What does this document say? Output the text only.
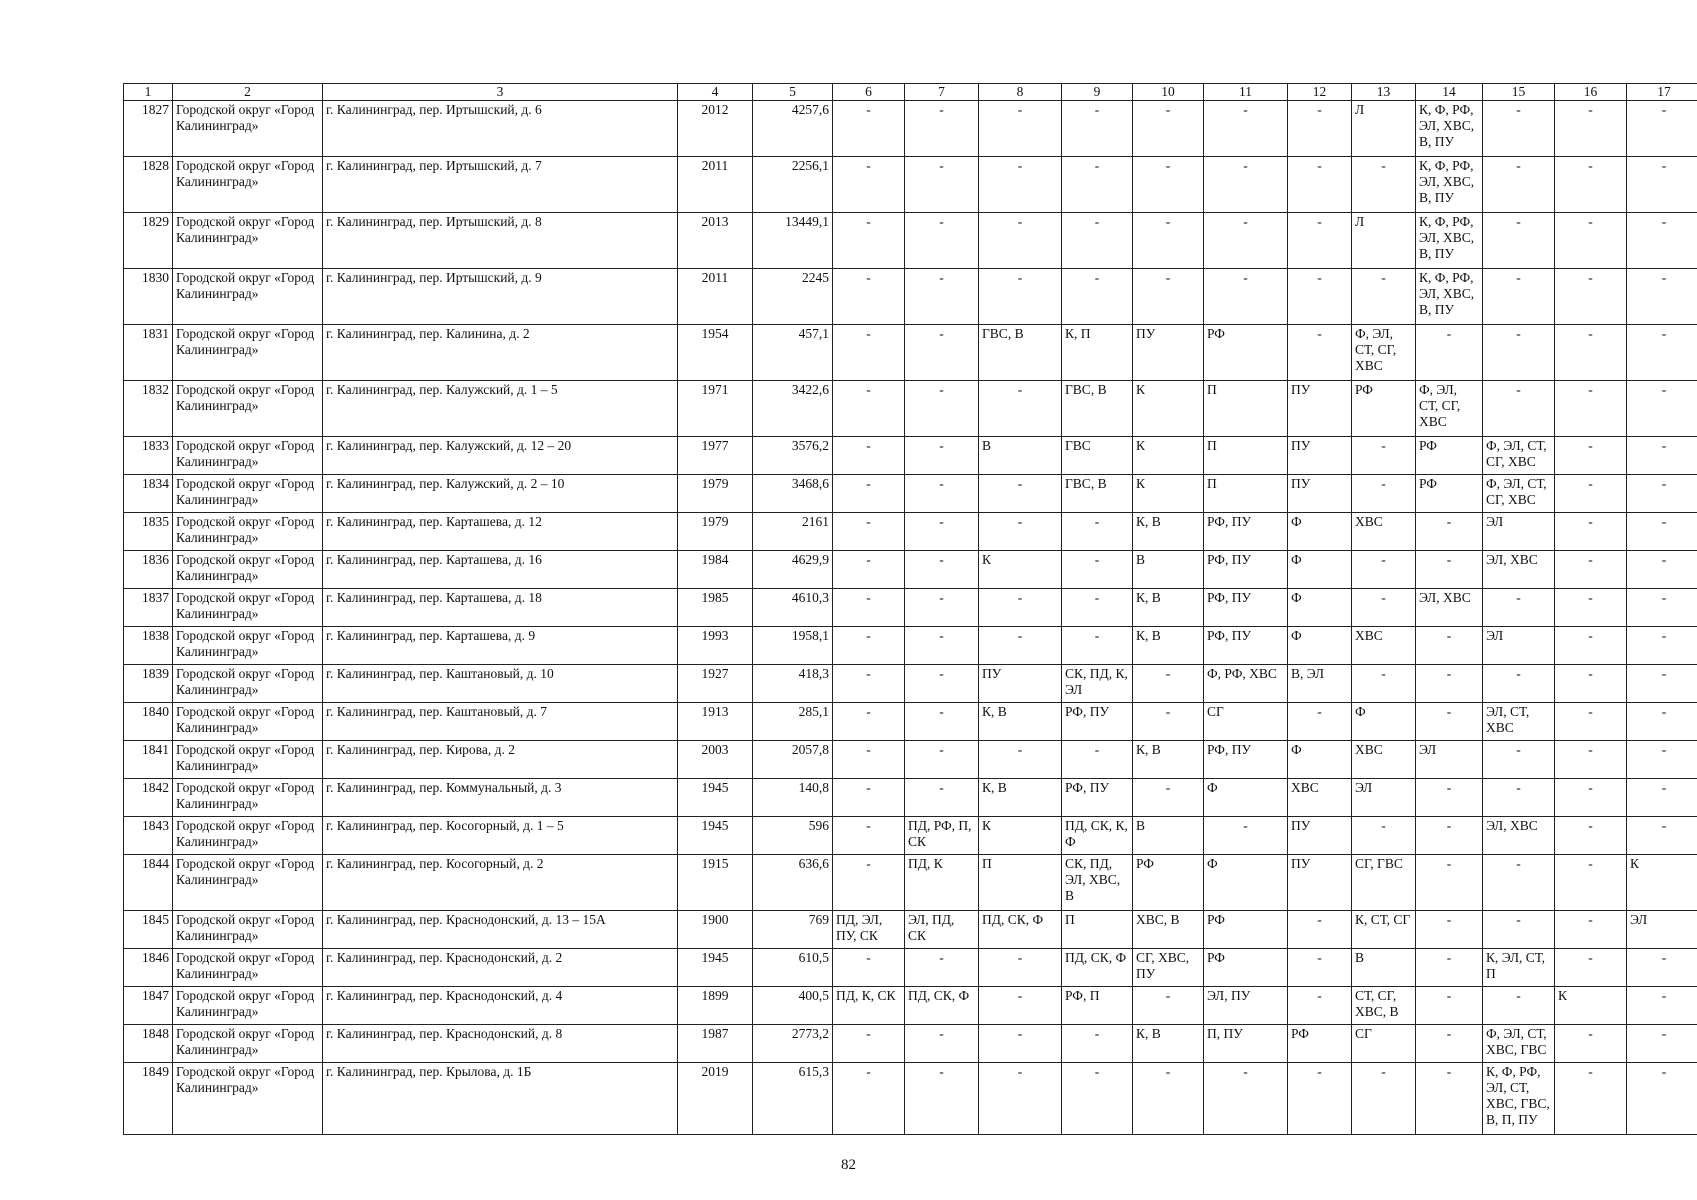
1	2	3	4	5	6	7	8	9	10	11	12	13	14	15	16	17
1827	Городской округ «Город Калининград»	г. Калининград, пер. Иртышский, д. 6	2012	4257,6	-	-	-	-	-	-	-	Л	К, Ф, РФ, ЭЛ, ХВС, В, ПУ	-	-	-
1828	Городской округ «Город Калининград»	г. Калининград, пер. Иртышский, д. 7	2011	2256,1	-	-	-	-	-	-	-	-	К, Ф, РФ, ЭЛ, ХВС, В, ПУ	-	-	-
1829	Городской округ «Город Калининград»	г. Калининград, пер. Иртышский, д. 8	2013	13449,1	-	-	-	-	-	-	-	Л	К, Ф, РФ, ЭЛ, ХВС, В, ПУ	-	-	-
1830	Городской округ «Город Калининград»	г. Калининград, пер. Иртышский, д. 9	2011	2245	-	-	-	-	-	-	-	-	К, Ф, РФ, ЭЛ, ХВС, В, ПУ	-	-	-
1831	Городской округ «Город Калининград»	г. Калининград, пер. Калинина, д. 2	1954	457,1	-	-	ГВС, В	К, П	ПУ	РФ	-	Ф, ЭЛ, СТ, СГ, ХВС	-	-	-	-
1832	Городской округ «Город Калининград»	г. Калининград, пер. Калужский, д. 1 – 5	1971	3422,6	-	-	-	ГВС, В	К	П	ПУ	РФ	Ф, ЭЛ, СТ, СГ, ХВС	-	-	-
1833	Городской округ «Город Калининград»	г. Калининград, пер. Калужский, д. 12 – 20	1977	3576,2	-	-	В	ГВС	К	П	ПУ	-	РФ	Ф, ЭЛ, СТ, СГ, ХВС	-	-
1834	Городской округ «Город Калининград»	г. Калининград, пер. Калужский, д. 2 – 10	1979	3468,6	-	-	-	ГВС, В	К	П	ПУ	-	РФ	Ф, ЭЛ, СТ, СГ, ХВС	-	-
1835	Городской округ «Город Калининград»	г. Калининград, пер. Карташева, д. 12	1979	2161	-	-	-	-	К, В	РФ, ПУ	Ф	ХВС	-	ЭЛ	-	-
1836	Городской округ «Город Калининград»	г. Калининград, пер. Карташева, д. 16	1984	4629,9	-	-	К	-	В	РФ, ПУ	Ф	-	-	ЭЛ, ХВС	-	-
1837	Городской округ «Город Калининград»	г. Калининград, пер. Карташева, д. 18	1985	4610,3	-	-	-	-	К, В	РФ, ПУ	Ф	-	ЭЛ, ХВС	-	-	-
1838	Городской округ «Город Калининград»	г. Калининград, пер. Карташева, д. 9	1993	1958,1	-	-	-	-	К, В	РФ, ПУ	Ф	ХВС	-	ЭЛ	-	-
1839	Городской округ «Город Калининград»	г. Калининград, пер. Каштановый, д. 10	1927	418,3	-	-	ПУ	СК, ПД, К, ЭЛ	-	Ф, РФ, ХВС	В, ЭЛ	-	-	-	-	-
1840	Городской округ «Город Калининград»	г. Калининград, пер. Каштановый, д. 7	1913	285,1	-	-	К, В	РФ, ПУ	-	СГ	-	Ф	-	ЭЛ, СТ, ХВС	-	-
1841	Городской округ «Город Калининград»	г. Калининград, пер. Кирова, д. 2	2003	2057,8	-	-	-	-	К, В	РФ, ПУ	Ф	ХВС	ЭЛ	-	-	-
1842	Городской округ «Город Калининград»	г. Калининград, пер. Коммунальный, д. 3	1945	140,8	-	-	К, В	РФ, ПУ	-	Ф	ХВС	ЭЛ	-	-	-	-
1843	Городской округ «Город Калининград»	г. Калининград, пер. Косогорный, д. 1 – 5	1945	596	-	ПД, РФ, П, СК	К	ПД, СК, К, Ф	В	-	ПУ	-	-	ЭЛ, ХВС	-	-
1844	Городской округ «Город Калининград»	г. Калининград, пер. Косогорный, д. 2	1915	636,6	-	ПД, К	П	СК, ПД, ЭЛ, ХВС, В	РФ	Ф	ПУ	СГ, ГВС	-	-	-	К
1845	Городской округ «Город Калининград»	г. Калининград, пер. Краснодонский, д. 13 – 15А	1900	769	ПД, ЭЛ, ПУ, СК	ЭЛ, ПД, СК	ПД, СК, Ф	П	ХВС, В	РФ	-	К, СТ, СГ	-	-	-	ЭЛ
1846	Городской округ «Город Калининград»	г. Калининград, пер. Краснодонский, д. 2	1945	610,5	-	-	-	ПД, СК, Ф	СГ, ХВС, ПУ	РФ	-	В	-	К, ЭЛ, СТ, П	-	-
1847	Городской округ «Город Калининград»	г. Калининград, пер. Краснодонский, д. 4	1899	400,5	ПД, К, СК	ПД, СК, Ф	-	РФ, П	-	ЭЛ, ПУ	-	СТ, СГ, ХВС, В	-	-	К	-
1848	Городской округ «Город Калининград»	г. Калининград, пер. Краснодонский, д. 8	1987	2773,2	-	-	-	-	К, В	П, ПУ	РФ	СГ	-	Ф, ЭЛ, СТ, ХВС, ГВС	-	-
1849	Городской округ «Город Калининград»	г. Калининград, пер. Крылова, д. 1Б	2019	615,3	-	-	-	-	-	-	-	-	-	К, Ф, РФ, ЭЛ, СТ, ХВС, ГВС, В, П, ПУ	-	-
82
